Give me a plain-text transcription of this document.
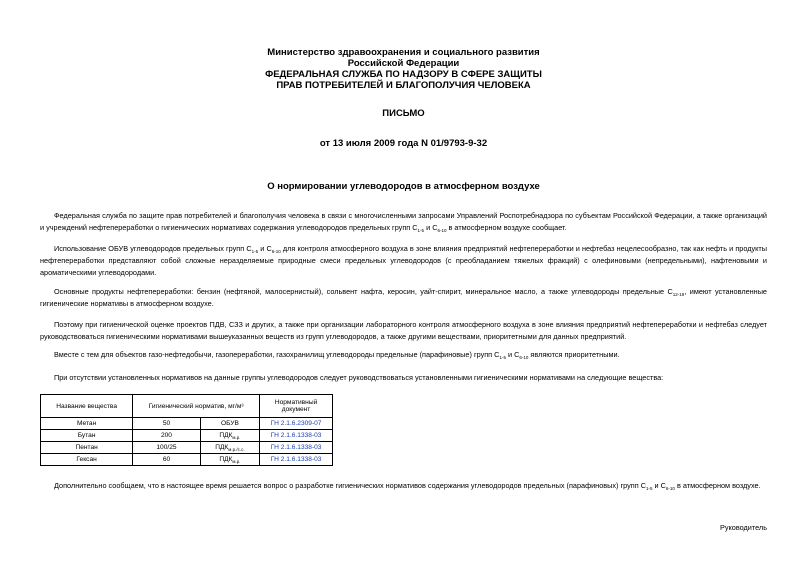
Министерство здравоохранения и социального развития
Российской Федерации
ФЕДЕРАЛЬНАЯ СЛУЖБА ПО НАДЗОРУ В СФЕРЕ ЗАЩИТЫ
ПРАВ ПОТРЕБИТЕЛЕЙ И БЛАГОПОЛУЧИЯ ЧЕЛОВЕКА
ПИСЬМО
от 13 июля 2009 года N 01/9793-9-32
О нормировании углеводородов в атмосферном воздухе
Федеральная служба по защите прав потребителей и благополучия человека в связи с многочисленными запросами Управлений Роспотребнадзора по субъектам Российской Федерации, а также организаций и учреждений нефтепереработки о гигиенических нормативах содержания углеводородов предельных групп $С_{1-5}$ и $С_{6-10}$ в атмосферном воздухе сообщает.
Использование ОБУВ углеводородов предельных групп $С_{1-5}$ и $С_{6-10}$ для контроля атмосферного воздуха в зоне влияния предприятий нефтепереработки и нефтебаз нецелесообразно, так как нефть и продукты нефтепереработки представляют собой сложные неразделяемые природные смеси предельных углеводородов (с преобладанием тяжелых фракций) с олефиновыми (непредельными), нафтеновыми и ароматическими углеводородами.
Основные продукты нефтепереработки: бензин (нефтяной, малосернистый), сольвент нафта, керосин, уайт-спирит, минеральное масло, а также углеводороды предельные $С_{12-19}$, имеют установленные гигиенические нормативы в атмосферном воздухе.
Поэтому при гигиенической оценке проектов ПДВ, СЗЗ и других, а также при организации лабораторного контроля атмосферного воздуха в зоне влияния предприятий нефтепереработки и нефтебаз следует руководствоваться гигиеническими нормативами вышеуказанных веществ из групп углеводородов, а также другими веществами, приоритетными для данных предприятий.
Вместе с тем для объектов газо-нефтедобычи, газопереработки, газохранилищ углеводороды предельные (парафиновые) групп $С_{1-5}$ и $С_{6-10}$ являются приоритетными.
При отсутствии установленных нормативов на данные группы углеводородов следует руководствоваться установленными гигиеническими нормативами на следующие вещества:
Название вещества	Гигиенический норматив, мг/м³		Нормативный документ
Метан	50	ОБУВ	ГН 2.1.6.2309-07
Бутан	200	$ПДК_{м.р.}$	ГН 2.1.6.1338-03
Пентан	100/25	$ПДК_{м.р./с.с.}$	ГН 2.1.6.1338-03
Гексан	60	$ПДК_{м.р.}$	ГН 2.1.6.1338-03
Дополнительно сообщаем, что в настоящее время решается вопрос о разработке гигиенических нормативов содержания углеводородов предельных (парафиновых) групп $С_{1-5}$ и $С_{6-10}$ в атмосферном воздухе.
Руководитель
